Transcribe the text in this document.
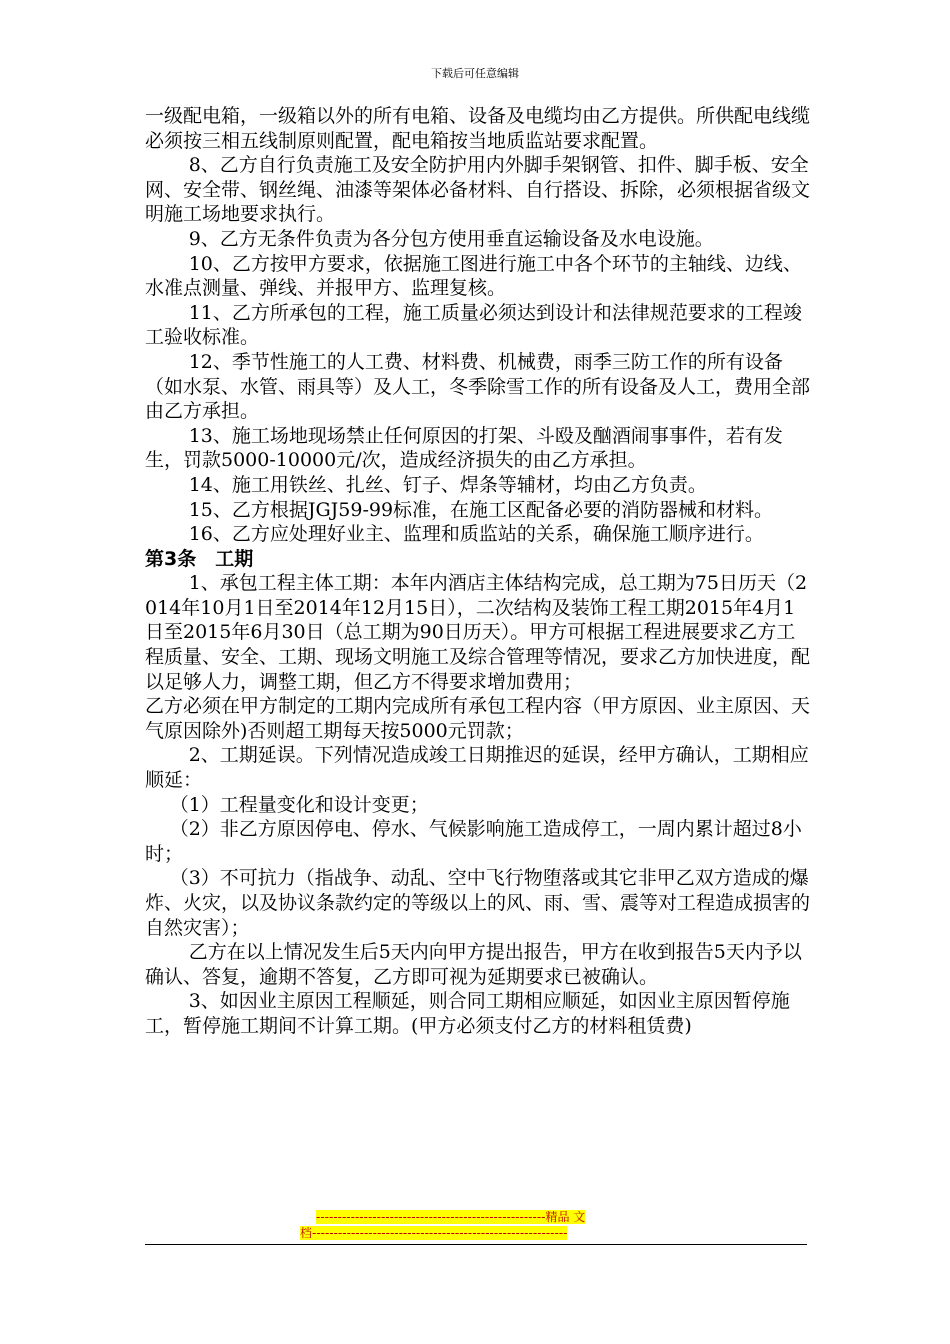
下载后可任意编辑

一级配电箱，一级箱以外的所有电箱、设备及电缆均由乙方提供。所供配电线缆必须按三相五线制原则配置，配电箱按当地质监站要求配置。

8、乙方自行负责施工及安全防护用内外脚手架钢管、扣件、脚手板、安全网、安全带、钢丝绳、油漆等架体必备材料、自行搭设、拆除，必须根据省级文明施工场地要求执行。

9、乙方无条件负责为各分包方使用垂直运输设备及水电设施。

10、乙方按甲方要求，依据施工图进行施工中各个环节的主轴线、边线、水准点测量、弹线、并报甲方、监理复核。

11、乙方所承包的工程，施工质量必须达到设计和法律规范要求的工程竣工验收标准。

12、季节性施工的人工费、材料费、机械费，雨季三防工作的所有设备（如水泵、水管、雨具等）及人工，冬季除雪工作的所有设备及人工，费用全部由乙方承担。

13、施工场地现场禁止任何原因的打架、斗殴及酗酒闹事事件，若有发生，罚款5000-10000元/次，造成经济损失的由乙方承担。

14、施工用铁丝、扎丝、钉子、焊条等辅材，均由乙方负责。

15、乙方根据JGJ59-99标准，在施工区配备必要的消防器械和材料。

16、乙方应处理好业主、监理和质监站的关系，确保施工顺序进行。

第3条　工期

1、承包工程主体工期：本年内酒店主体结构完成，总工期为75日历天（2014年10月1日至2014年12月15日），二次结构及装饰工程工期2015年4月1日至2015年6月30日（总工期为90日历天）。甲方可根据工程进展要求乙方工程质量、安全、工期、现场文明施工及综合管理等情况，要求乙方加快进度，配以足够人力，调整工期，但乙方不得要求增加费用；

乙方必须在甲方制定的工期内完成所有承包工程内容（甲方原因、业主原因、天气原因除外)否则超工期每天按5000元罚款；

2、工期延误。下列情况造成竣工日期推迟的延误，经甲方确认，工期相应顺延：

（1）工程量变化和设计变更；

（2）非乙方原因停电、停水、气候影响施工造成停工，一周内累计超过8小时；

（3）不可抗力（指战争、动乱、空中飞行物堕落或其它非甲乙双方造成的爆炸、火灾，以及协议条款约定的等级以上的风、雨、雪、震等对工程造成损害的自然灾害）；

乙方在以上情况发生后5天内向甲方提出报告，甲方在收到报告5天内予以确认、答复，逾期不答复，乙方即可视为延期要求已被确认。

3、如因业主原因工程顺延，则合同工期相应顺延，如因业主原因暂停施工，暂停施工期间不计算工期。(甲方必须支付乙方的材料租赁费)

-----------------------------------------------------精品 文
档-----------------------------------------------------------
